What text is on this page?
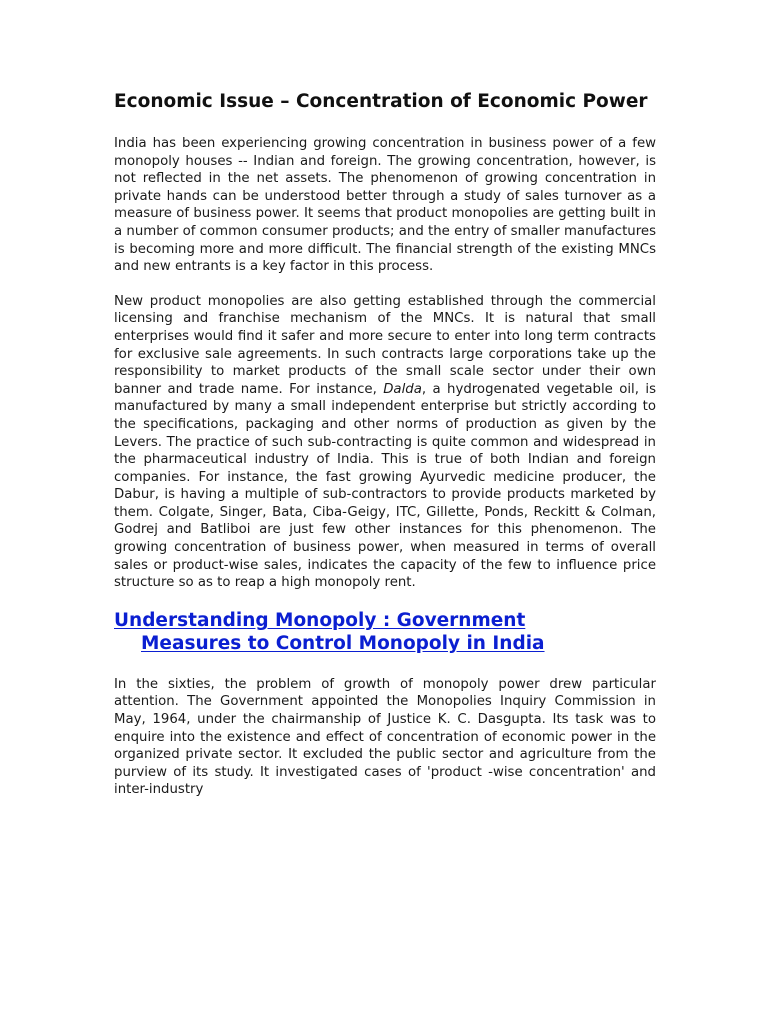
Economic Issue – Concentration of Economic Power

India has been experiencing growing concentration in business power of a few monopoly houses -- Indian and foreign. The growing concentration, however, is not reflected in the net assets. The phenomenon of growing concentration in private hands can be understood better through a study of sales turnover as a measure of business power. It seems that product monopolies are getting built in a number of common consumer products; and the entry of smaller manufactures is becoming more and more difficult. The financial strength of the existing MNCs and new entrants is a key factor in this process.

New product monopolies are also getting established through the commercial licensing and franchise mechanism of the MNCs. It is natural that small enterprises would find it safer and more secure to enter into long term contracts for exclusive sale agreements. In such contracts large corporations take up the responsibility to market products of the small scale sector under their own banner and trade name. For instance, Dalda, a hydrogenated vegetable oil, is manufactured by many a small independent enterprise but strictly according to the specifications, packaging and other norms of production as given by the Levers. The practice of such sub-contracting is quite common and widespread in the pharmaceutical industry of India. This is true of both Indian and foreign companies. For instance, the fast growing Ayurvedic medicine producer, the Dabur, is having a multiple of sub-contractors to provide products marketed by them. Colgate, Singer, Bata, Ciba-Geigy, ITC, Gillette, Ponds, Reckitt & Colman, Godrej and Batliboi are just few other instances for this phenomenon. The growing concentration of business power, when measured in terms of overall sales or product-wise sales, indicates the capacity of the few to influence price structure so as to reap a high monopoly rent.

Understanding Monopoly : Government
Measures to Control Monopoly in India

In the sixties, the problem of growth of monopoly power drew particular attention. The Government appointed the Monopolies Inquiry Commission in May, 1964, under the chairmanship of Justice K. C. Dasgupta. Its task was to enquire into the existence and effect of concentration of economic power in the organized private sector. It excluded the public sector and agriculture from the purview of its study. It investigated cases of 'product -wise concentration' and inter-industry
